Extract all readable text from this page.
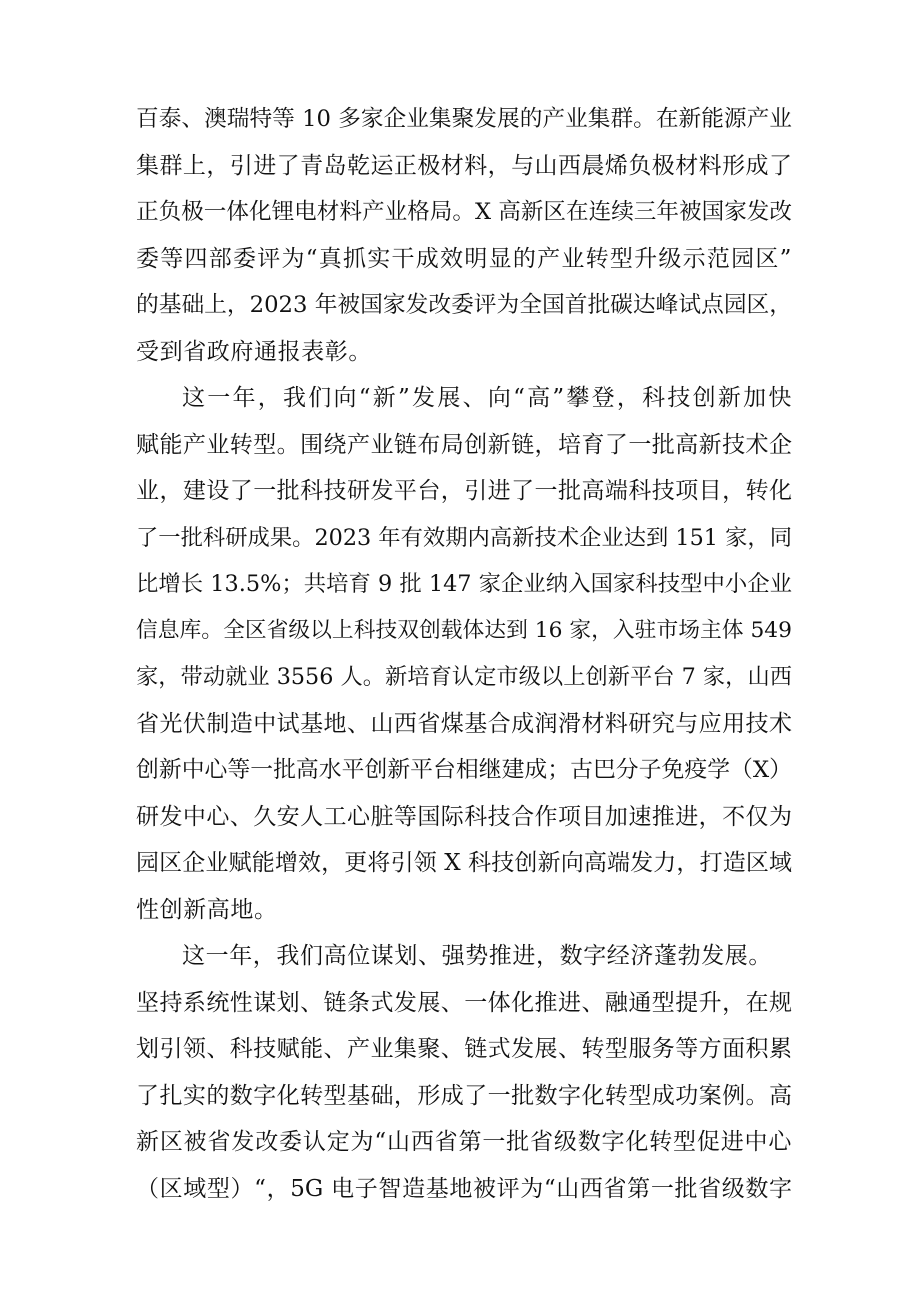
百泰、澳瑞特等 10 多家企业集聚发展的产业集群。在新能源产业
集群上，引进了青岛乾运正极材料，与山西晨烯负极材料形成了
正负极一体化锂电材料产业格局。X 高新区在连续三年被国家发改
委等四部委评为“真抓实干成效明显的产业转型升级示范园区”
的基础上，2023 年被国家发改委评为全国首批碳达峰试点园区，
受到省政府通报表彰。
这一年，我们向“新”发展、向“高”攀登，科技创新加快
赋能产业转型。围绕产业链布局创新链，培育了一批高新技术企
业，建设了一批科技研发平台，引进了一批高端科技项目，转化
了一批科研成果。2023 年有效期内高新技术企业达到 151 家，同
比增长 13.5%；共培育 9 批 147 家企业纳入国家科技型中小企业
信息库。全区省级以上科技双创载体达到 16 家，入驻市场主体 549
家，带动就业 3556 人。新培育认定市级以上创新平台 7 家，山西
省光伏制造中试基地、山西省煤基合成润滑材料研究与应用技术
创新中心等一批高水平创新平台相继建成；古巴分子免疫学（X）
研发中心、久安人工心脏等国际科技合作项目加速推进，不仅为
园区企业赋能增效，更将引领 X 科技创新向高端发力，打造区域
性创新高地。
这一年，我们高位谋划、强势推进，数字经济蓬勃发展。
坚持系统性谋划、链条式发展、一体化推进、融通型提升，在规
划引领、科技赋能、产业集聚、链式发展、转型服务等方面积累
了扎实的数字化转型基础，形成了一批数字化转型成功案例。高
新区被省发改委认定为“山西省第一批省级数字化转型促进中心
（区域型）“，5G 电子智造基地被评为“山西省第一批省级数字
